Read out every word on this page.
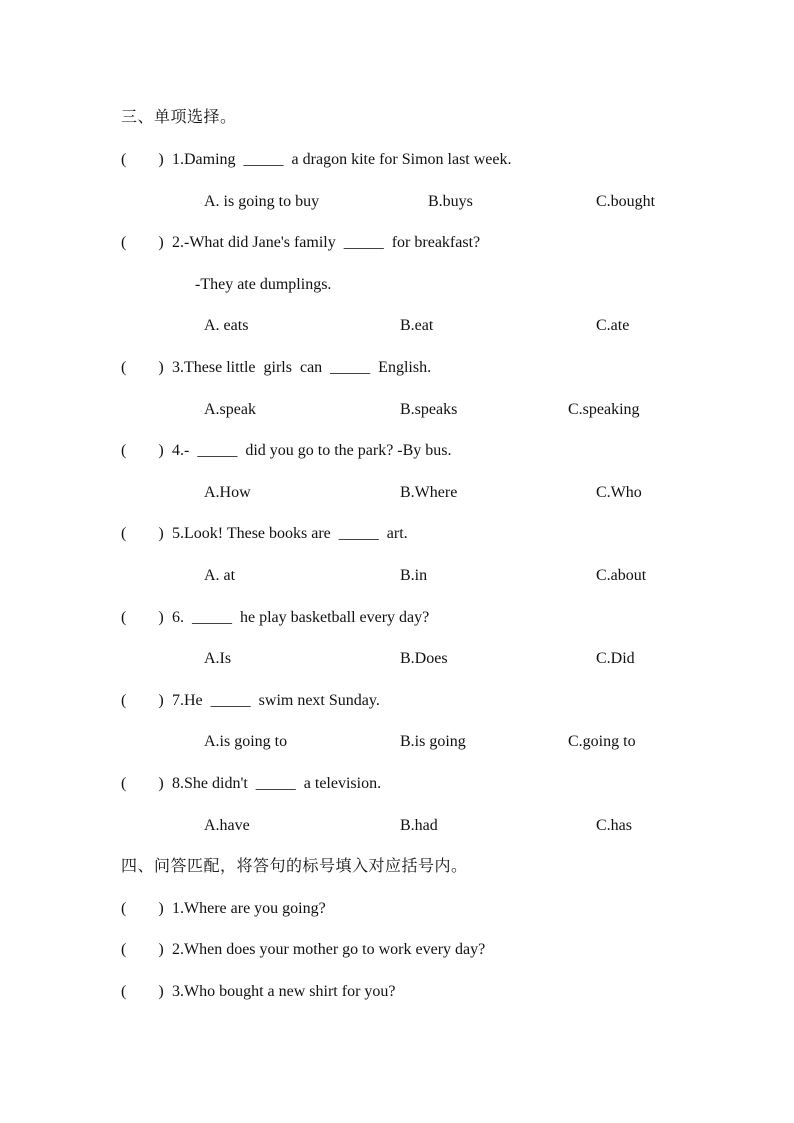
三、单项选择。
(        ) 1.Daming  _____  a dragon kite for Simon last week.
A. is going to buy	B.buys	C.bought
(        ) 2.-What did Jane's family  _____  for breakfast?
-They ate dumplings.
A. eats	B.eat	C.ate
(        ) 3.These little  girls  can  _____  English.
A.speak	B.speaks	C.speaking
(        ) 4.-  _____  did you go to the park? -By bus.
A.How	B.Where	C.Who
(        ) 5.Look! These books are  _____  art.
A. at	B.in	C.about
(        ) 6.  _____  he play basketball every day?
A.Is	B.Does	C.Did
(        ) 7.He  _____  swim next Sunday.
A.is going to	B.is going	C.going to
(        ) 8.She didn't  _____  a television.
A.have	B.had	C.has
四、问答匹配，将答句的标号填入对应括号内。
(        ) 1.Where are you going?
(        ) 2.When does your mother go to work every day?
(        ) 3.Who bought a new shirt for you?
